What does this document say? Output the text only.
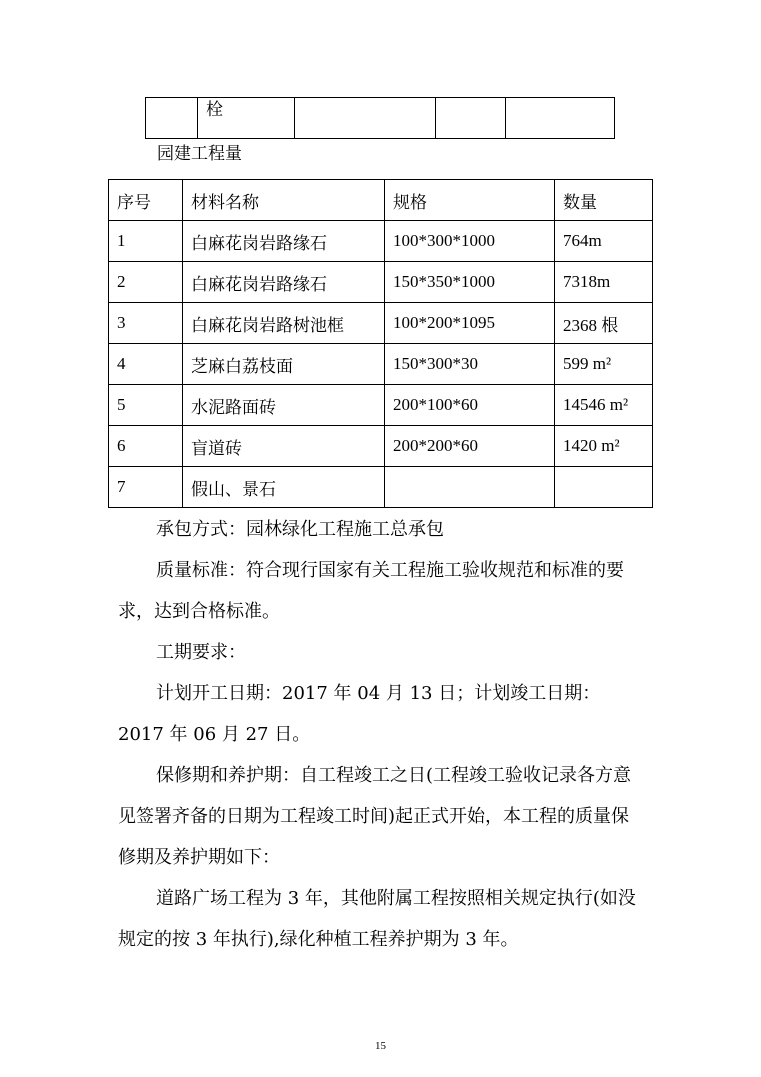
	栓			
园建工程量
序号	材料名称	规格	数量
1	白麻花岗岩路缘石	100*300*1000	764m
2	白麻花岗岩路缘石	150*350*1000	7318m
3	白麻花岗岩路树池框	100*200*1095	2368 根
4	芝麻白荔枝面	150*300*30	599 m²
5	水泥路面砖	200*100*60	14546 m²
6	盲道砖	200*200*60	1420 m²
7	假山、景石		

承包方式：园林绿化工程施工总承包

质量标准：符合现行国家有关工程施工验收规范和标准的要求，达到合格标准。

工期要求：

计划开工日期：2017 年 04 月 13 日；计划竣工日期：2017 年 06 月 27 日。

保修期和养护期：自工程竣工之日(工程竣工验收记录各方意见签署齐备的日期为工程竣工时间)起正式开始，本工程的质量保修期及养护期如下：

道路广场工程为 3 年，其他附属工程按照相关规定执行(如没规定的按 3 年执行),绿化种植工程养护期为 3 年。

15
